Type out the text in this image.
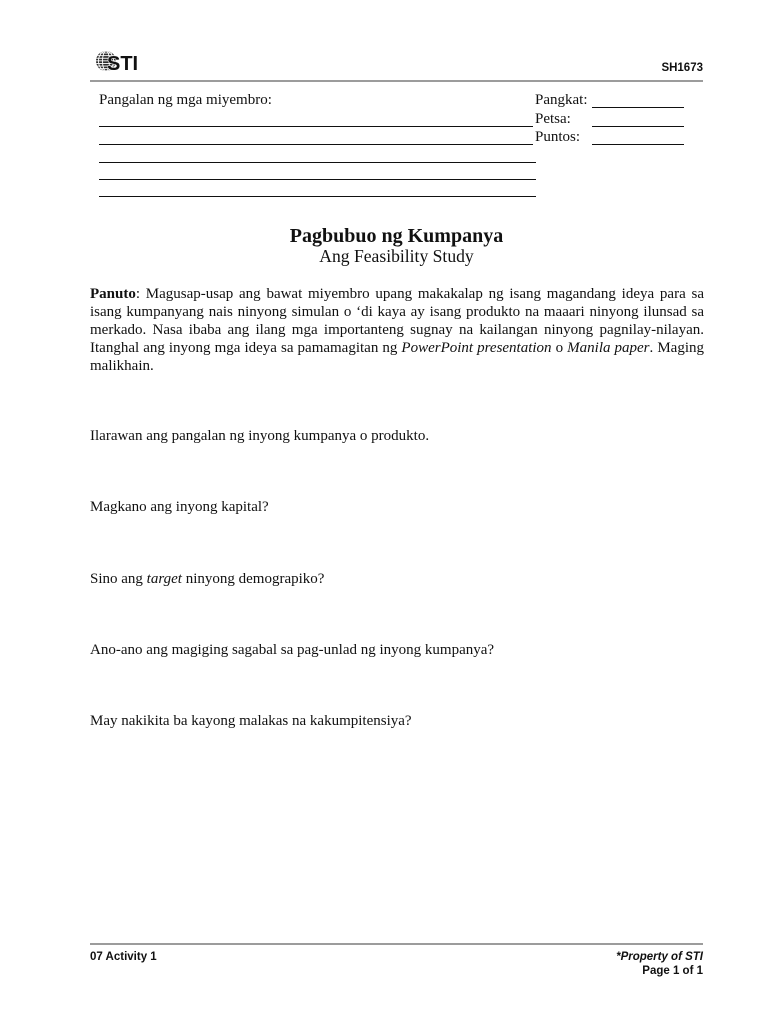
STI	SH1673
Pangalan ng mga miyembro:	Pangkat:
Petsa:
Puntos:
Pagbubuo ng Kumpanya
Ang Feasibility Study

Panuto: Magusap-usap ang bawat miyembro upang makakalap ng isang magandang ideya para sa isang kumpanyang nais ninyong simulan o ‘di kaya ay isang produkto na maaari ninyong ilunsad sa merkado. Nasa ibaba ang ilang mga importanteng sugnay na kailangan ninyong pagnilay-nilayan. Itanghal ang inyong mga ideya sa pamamagitan ng PowerPoint presentation o Manila paper. Maging malikhain.

Ilarawan ang pangalan ng inyong kumpanya o produkto.
Magkano ang inyong kapital?
Sino ang target ninyong demograpiko?
Ano-ano ang magiging sagabal sa pag-unlad ng inyong kumpanya?
May nakikita ba kayong malakas na kakumpitensiya?
07 Activity 1	*Property of STI
Page 1 of 1
